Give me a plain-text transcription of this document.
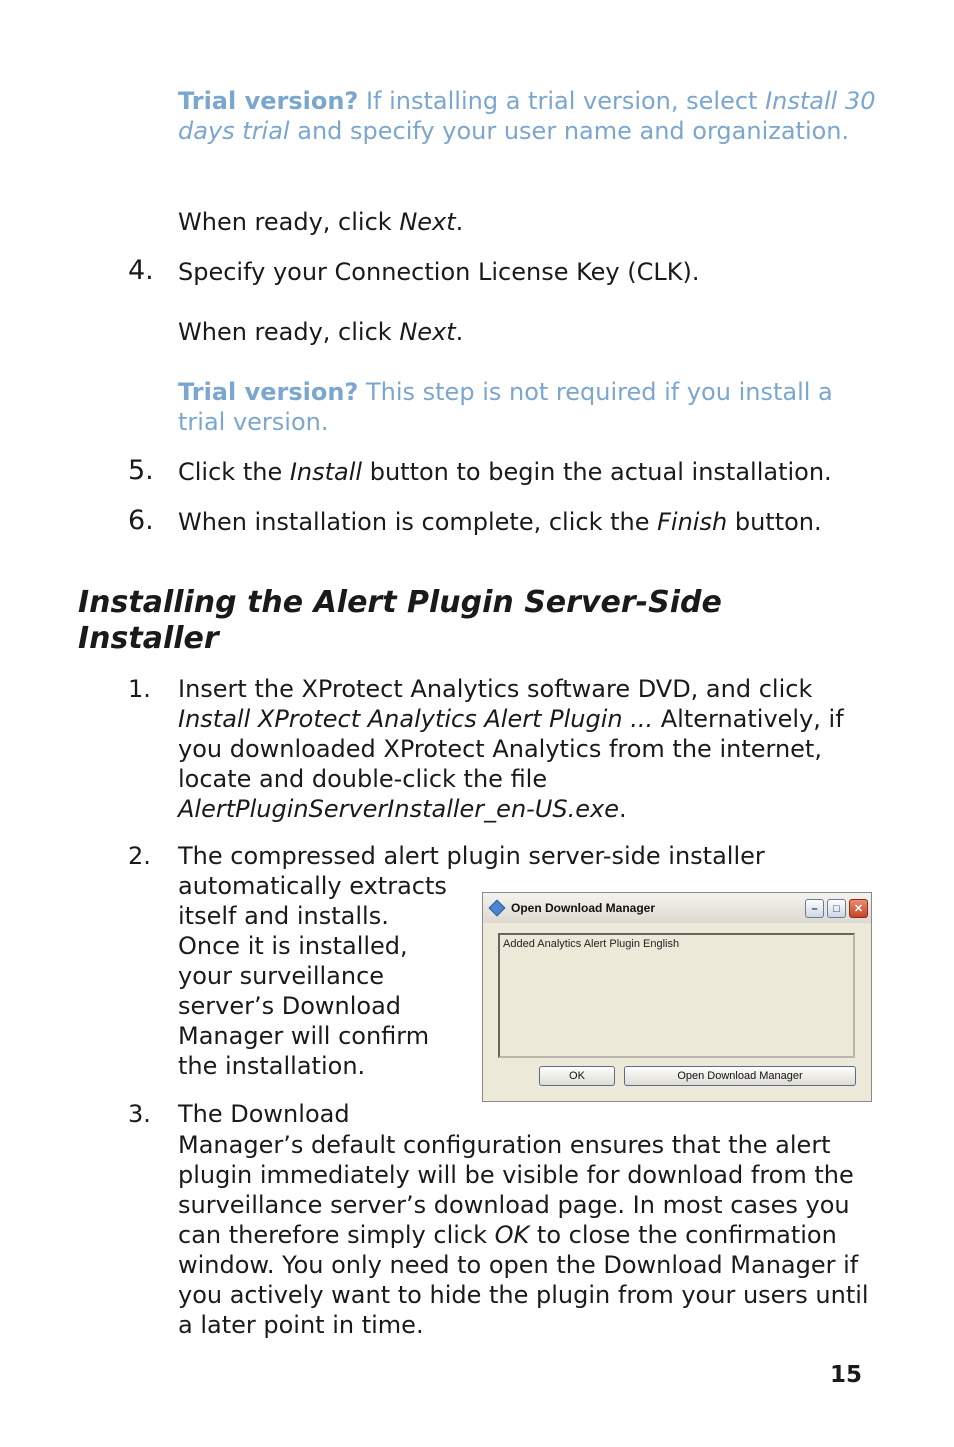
Trial version? If installing a trial version, select Install 30 days trial and specify your user name and organization.

When ready, click Next.

4. Specify your Connection License Key (CLK).

When ready, click Next.

Trial version? This step is not required if you install a trial version.

5. Click the Install button to begin the actual installation.

6. When installation is complete, click the Finish button.

Installing the Alert Plugin Server-Side Installer
1. Insert the XProtect Analytics software DVD, and click Install XProtect Analytics Alert Plugin ... Alternatively, if you downloaded XProtect Analytics from the internet, locate and double-click the file AlertPluginServerInstaller_en-US.exe.

2. The compressed alert plugin server-side installer

automatically extracts
itself and installs.
Once it is installed,
your surveillance
server’s Download
Manager will confirm
the installation.
Open Download Manager	–	□	✕
Added Analytics Alert Plugin English
OK	Open Download Manager
3. The Download

Manager’s default configuration ensures that the alert plugin immediately will be visible for download from the surveillance server’s download page. In most cases you can therefore simply click OK to close the confirmation window. You only need to open the Download Manager if you actively want to hide the plugin from your users until a later point in time.

15
